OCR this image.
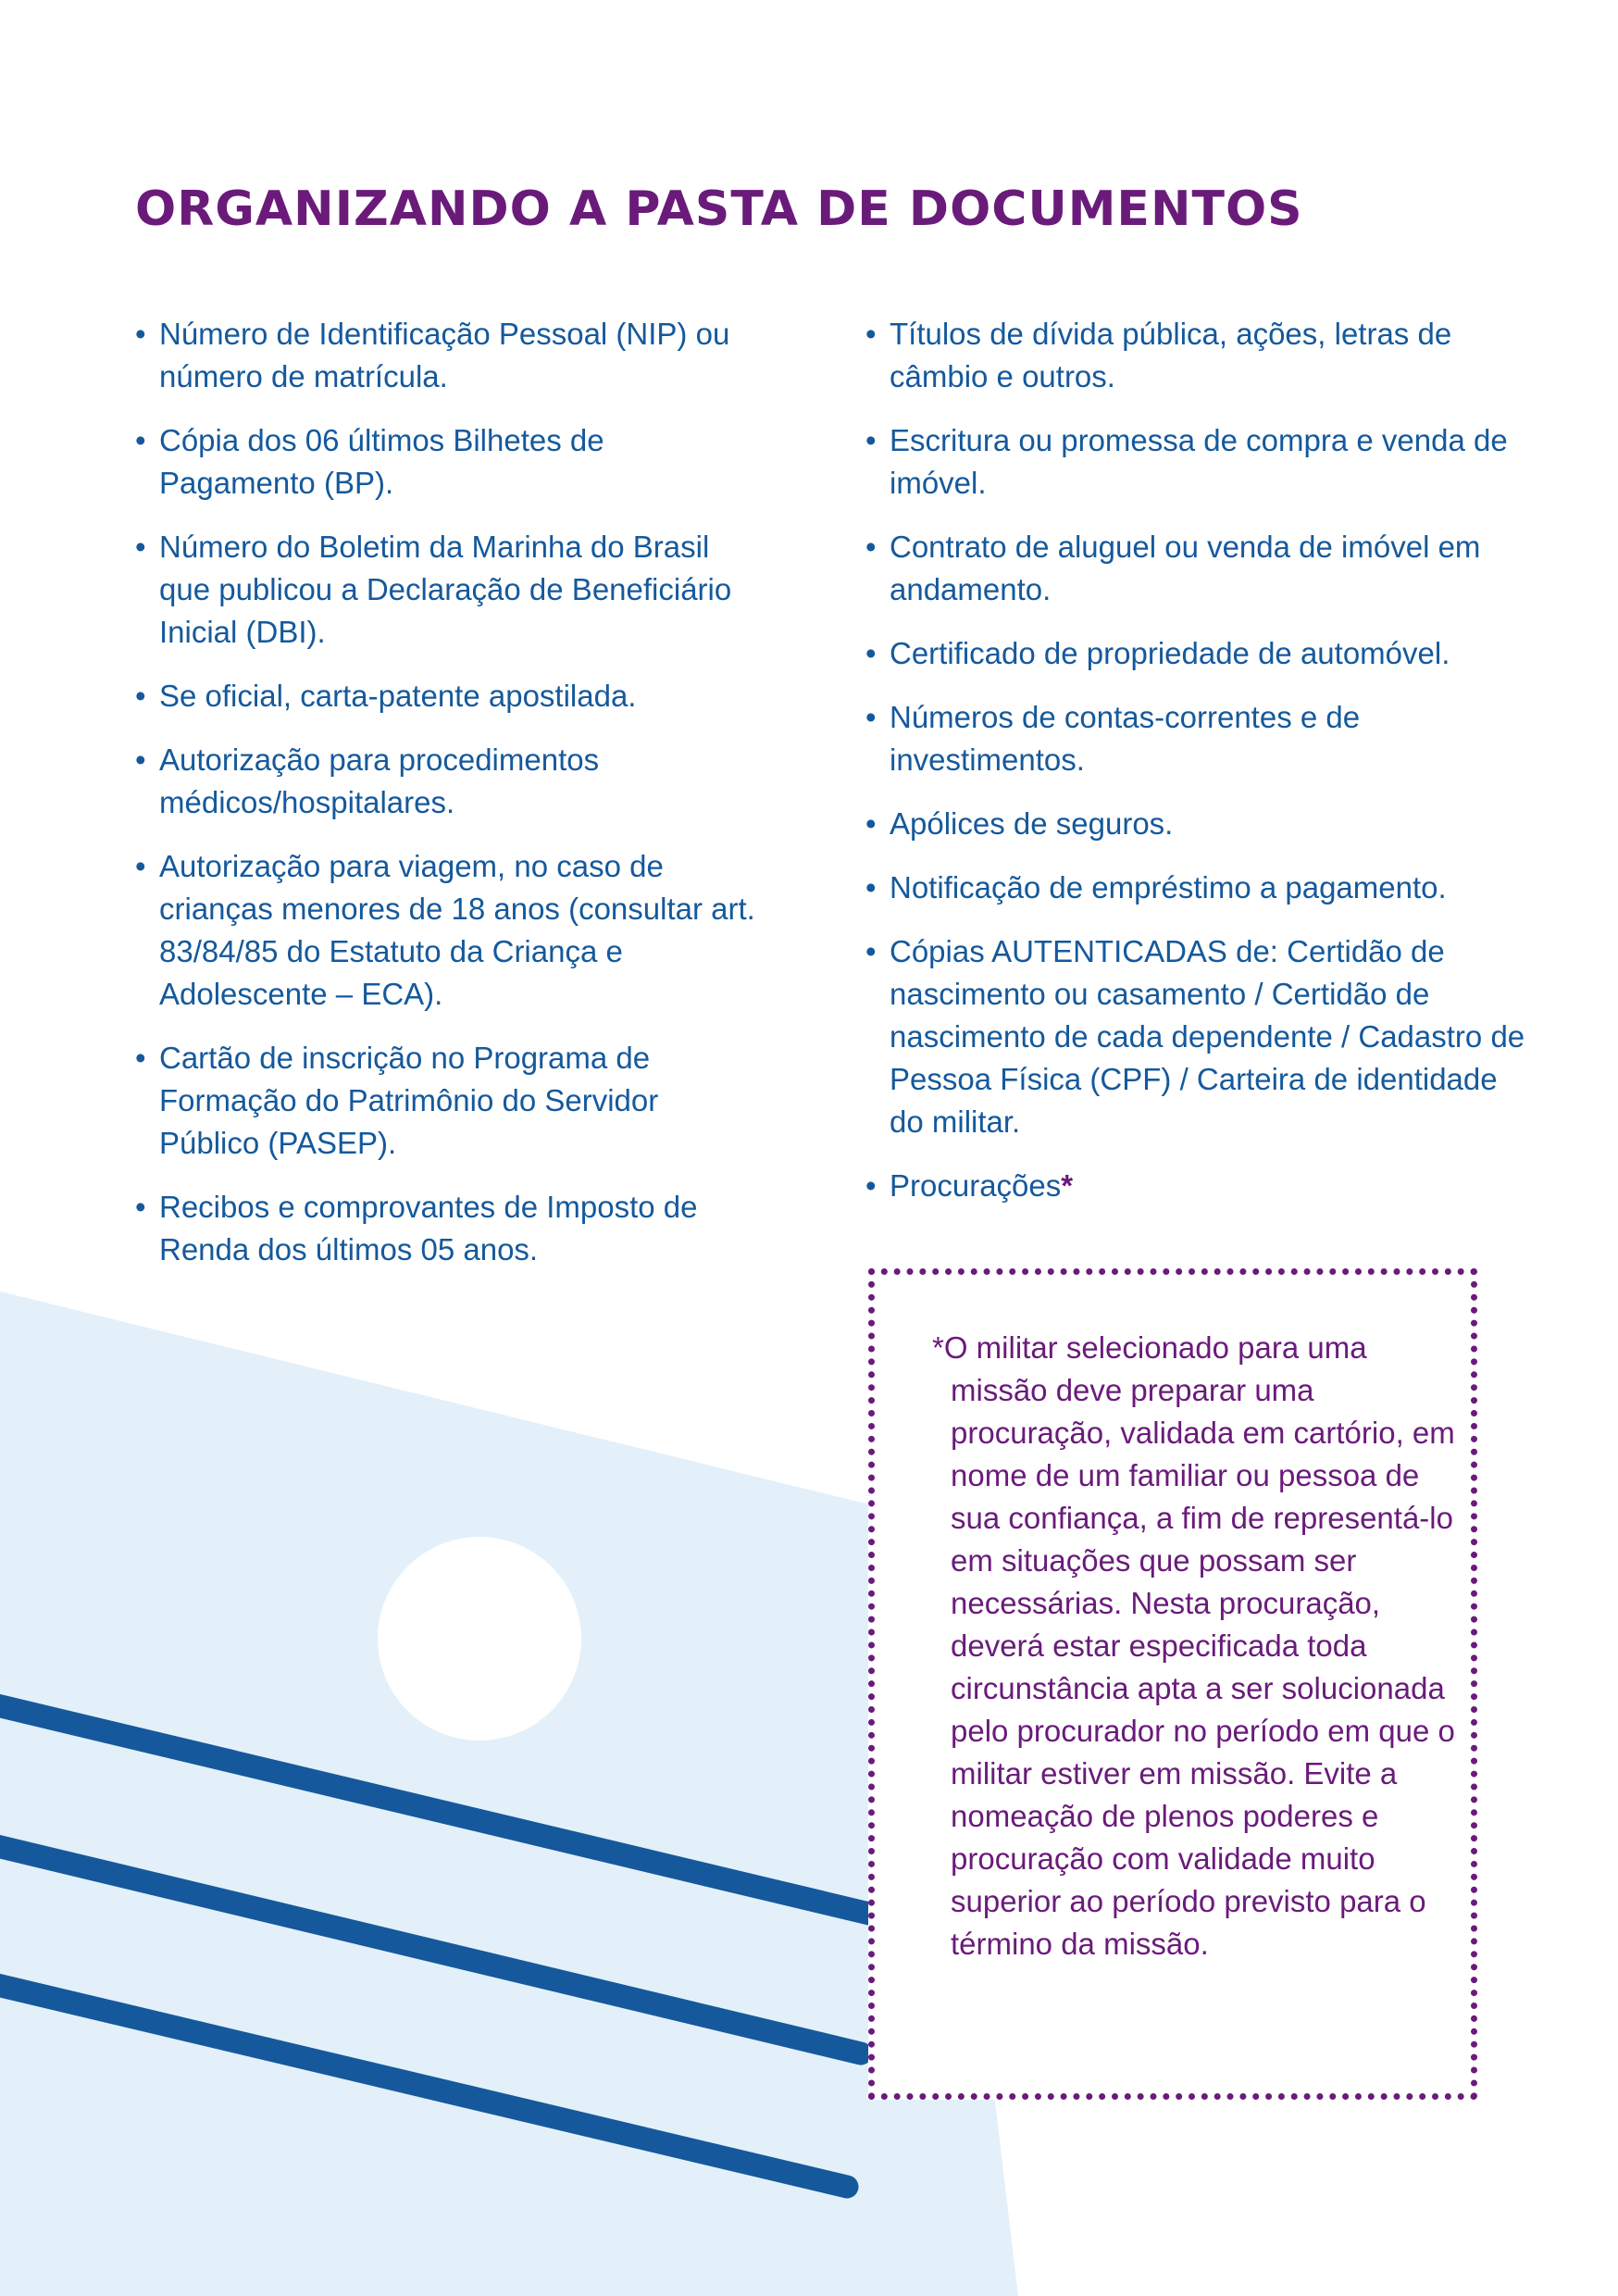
ORGANIZANDO A PASTA DE DOCUMENTOS
• Número de Identificação Pessoal (NIP) ou número de matrícula.
• Cópia dos 06 últimos Bilhetes de Pagamento (BP).
• Número do Boletim da Marinha do Brasil que publicou a Declaração de Beneficiário Inicial (DBI).
• Se oficial, carta-patente apostilada.
• Autorização para procedimentos médicos/hospitalares.
• Autorização para viagem, no caso de crianças menores de 18 anos (consultar art. 83/84/85 do Estatuto da Criança e Adolescente – ECA).
• Cartão de inscrição no Programa de Formação do Patrimônio do Servidor Público (PASEP).
• Recibos e comprovantes de Imposto de Renda dos últimos 05 anos.
• Títulos de dívida pública, ações, letras de câmbio e outros.
• Escritura ou promessa de compra e venda de imóvel.
• Contrato de aluguel ou venda de imóvel em andamento.
• Certificado de propriedade de automóvel.
• Números de contas-correntes e de investimentos.
• Apólices de seguros.
• Notificação de empréstimo a pagamento.
• Cópias AUTENTICADAS de: Certidão de nascimento ou casamento / Certidão de nascimento de cada dependente / Cadastro de Pessoa Física (CPF) / Carteira de identidade do militar.
• Procurações*

*O militar selecionado para uma missão deve preparar uma procuração, validada em cartório, em nome de um familiar ou pessoa de sua confiança, a fim de representá-lo em situações que possam ser necessárias. Nesta procuração, deverá estar especificada toda circunstância apta a ser solucionada pelo procurador no período em que o militar estiver em missão. Evite a nomeação de plenos poderes e procuração com validade muito superior ao período previsto para o término da missão.
